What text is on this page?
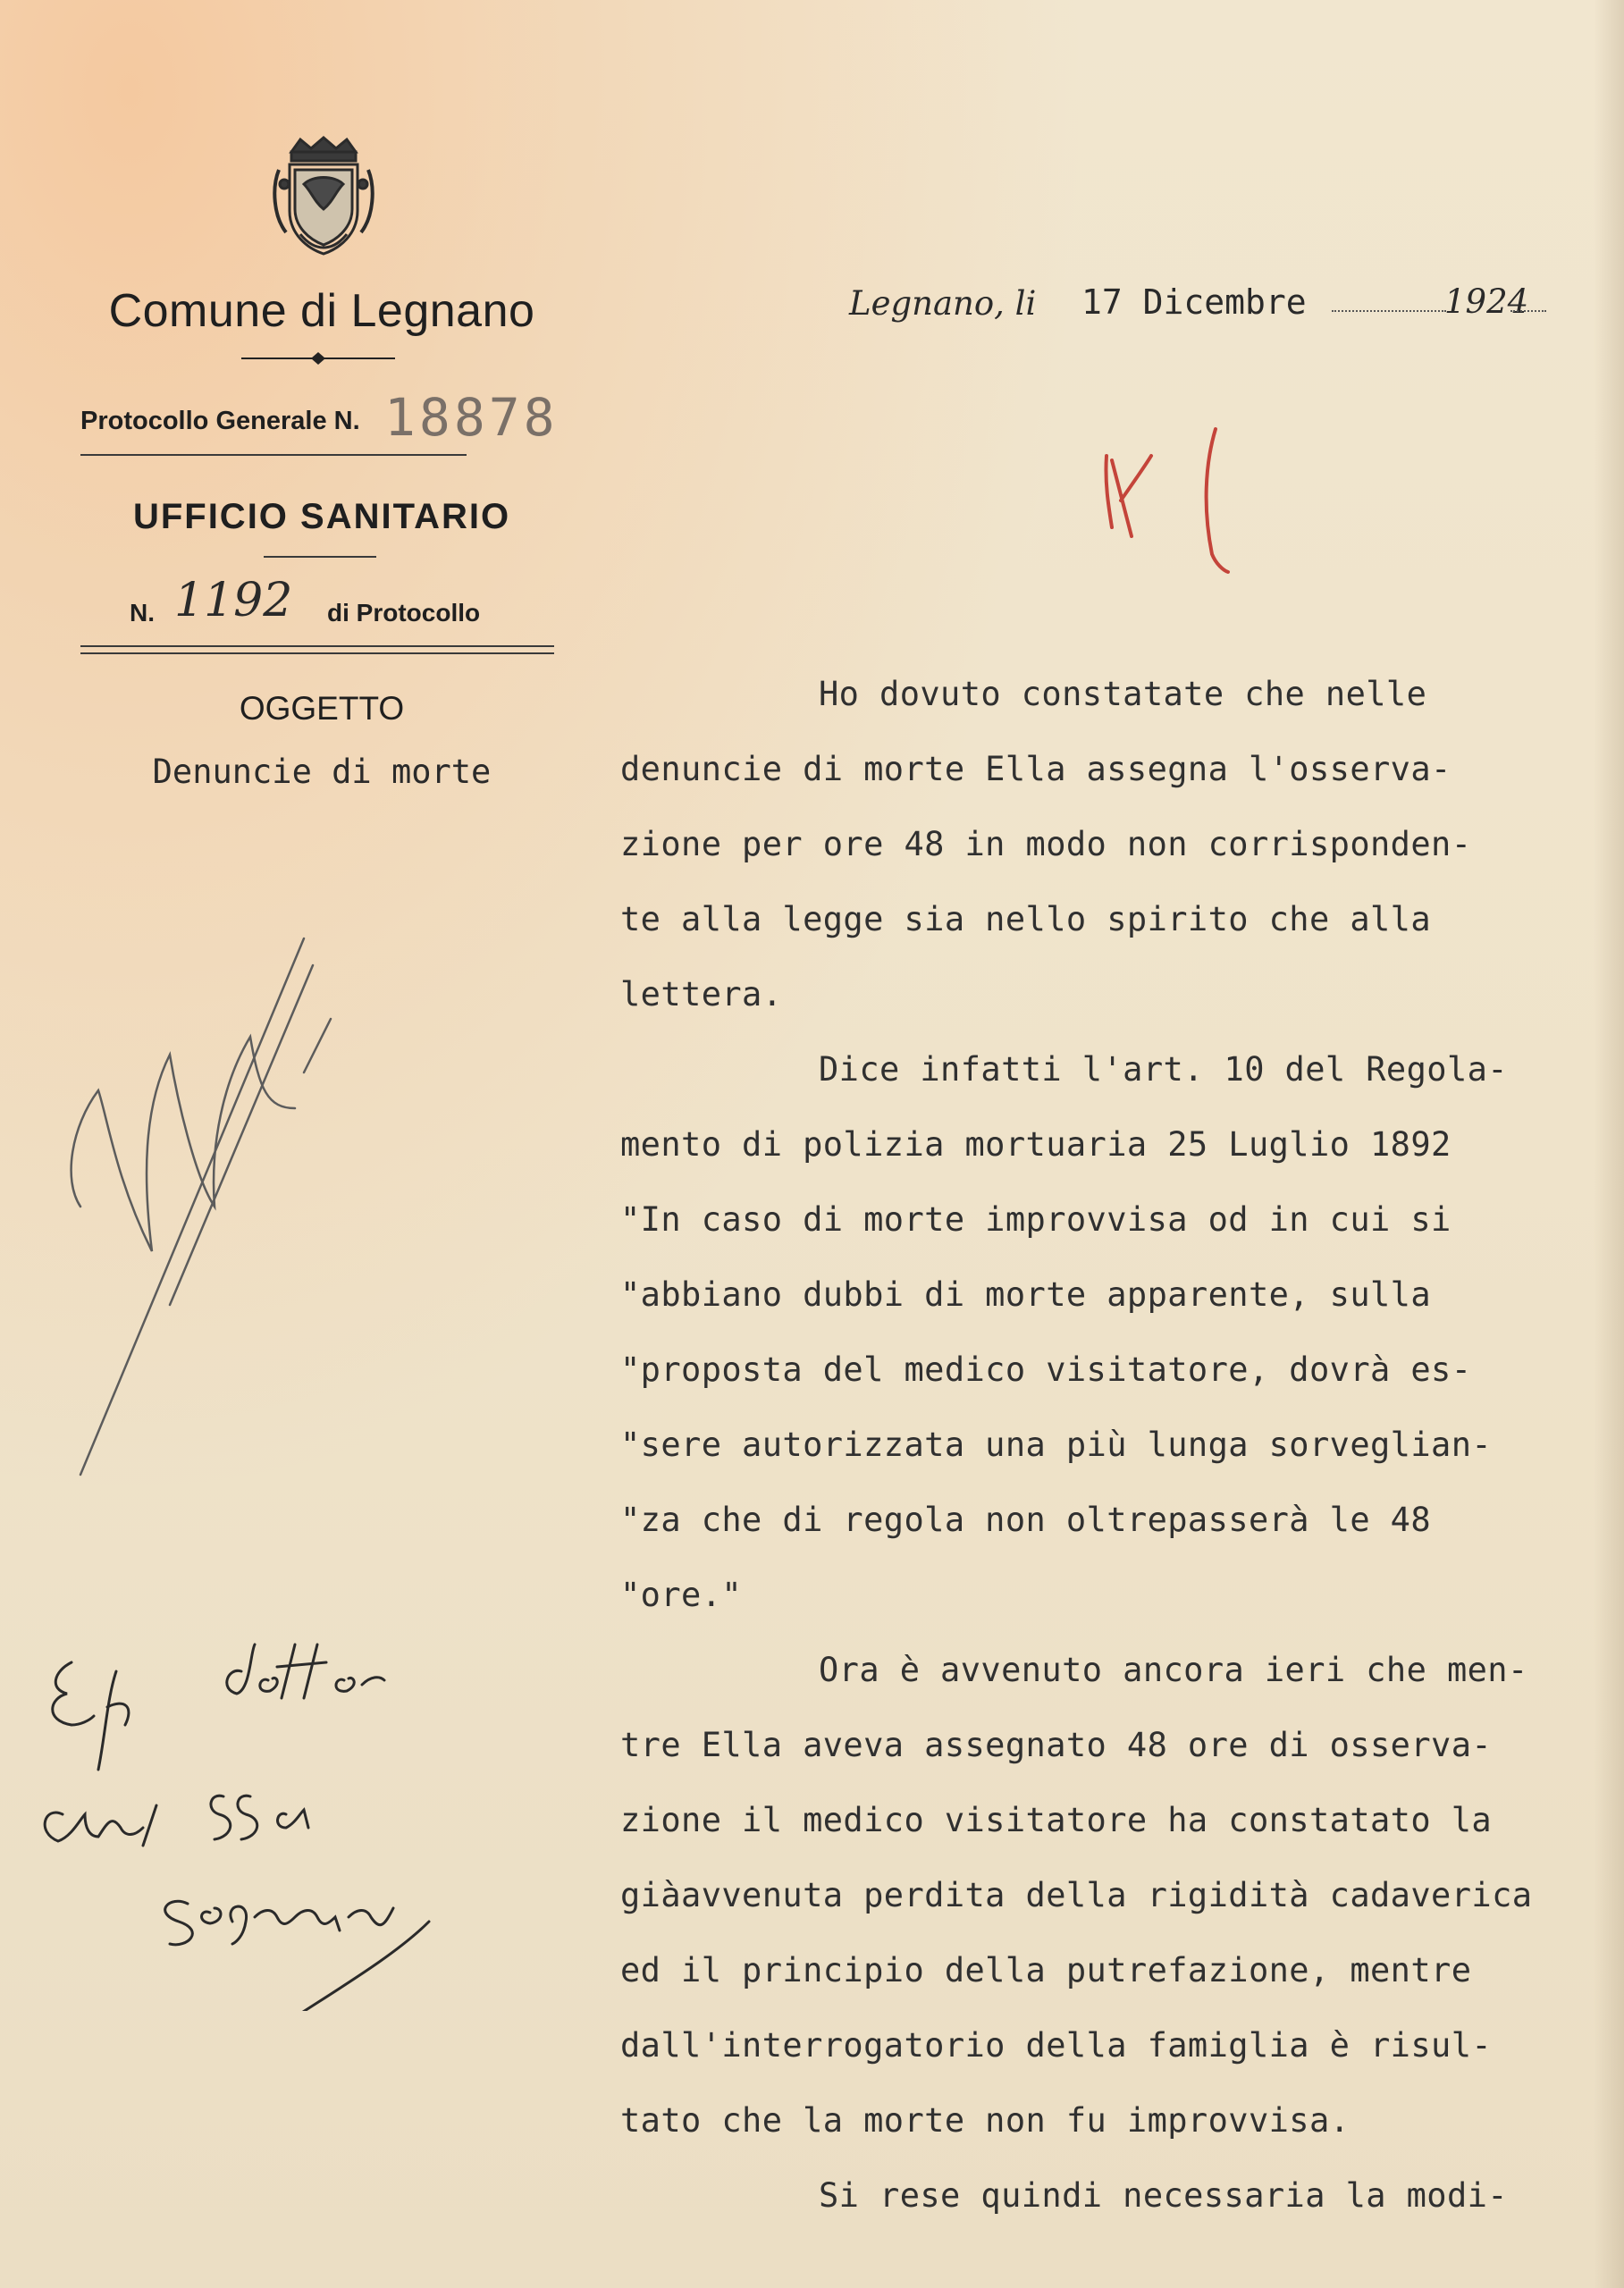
Comune di Legnano
Protocollo Generale N. 18878
UFFICIO SANITARIO
N. 1192 di Protocollo
OGGETTO
Denuncie di morte
Legnano, li 17 Dicembre	1924
Ho dovuto constatate che nelle
denuncie di morte Ella assegna l'osserva-
zione per ore 48 in modo non corrisponden-
te alla legge sia nello spirito che alla
lettera.
Dice infatti l'art. 10 del Regola-
mento di polizia mortuaria 25 Luglio 1892
"In caso di morte improvvisa od in cui si
"abbiano dubbi di morte apparente, sulla
"proposta del medico visitatore, dovrà es-
"sere autorizzata una più lunga sorveglian-
"za che di regola non oltrepasserà le 48
"ore."
Ora è avvenuto ancora ieri che men-
tre Ella aveva assegnato 48 ore di osserva-
zione il medico visitatore ha constatato la
giàavvenuta perdita della rigidità cadaverica
ed il principio della putrefazione, mentre
dall'interrogatorio della famiglia è risul-
tato che la morte non fu improvvisa.
Si rese quindi necessaria la modi-
